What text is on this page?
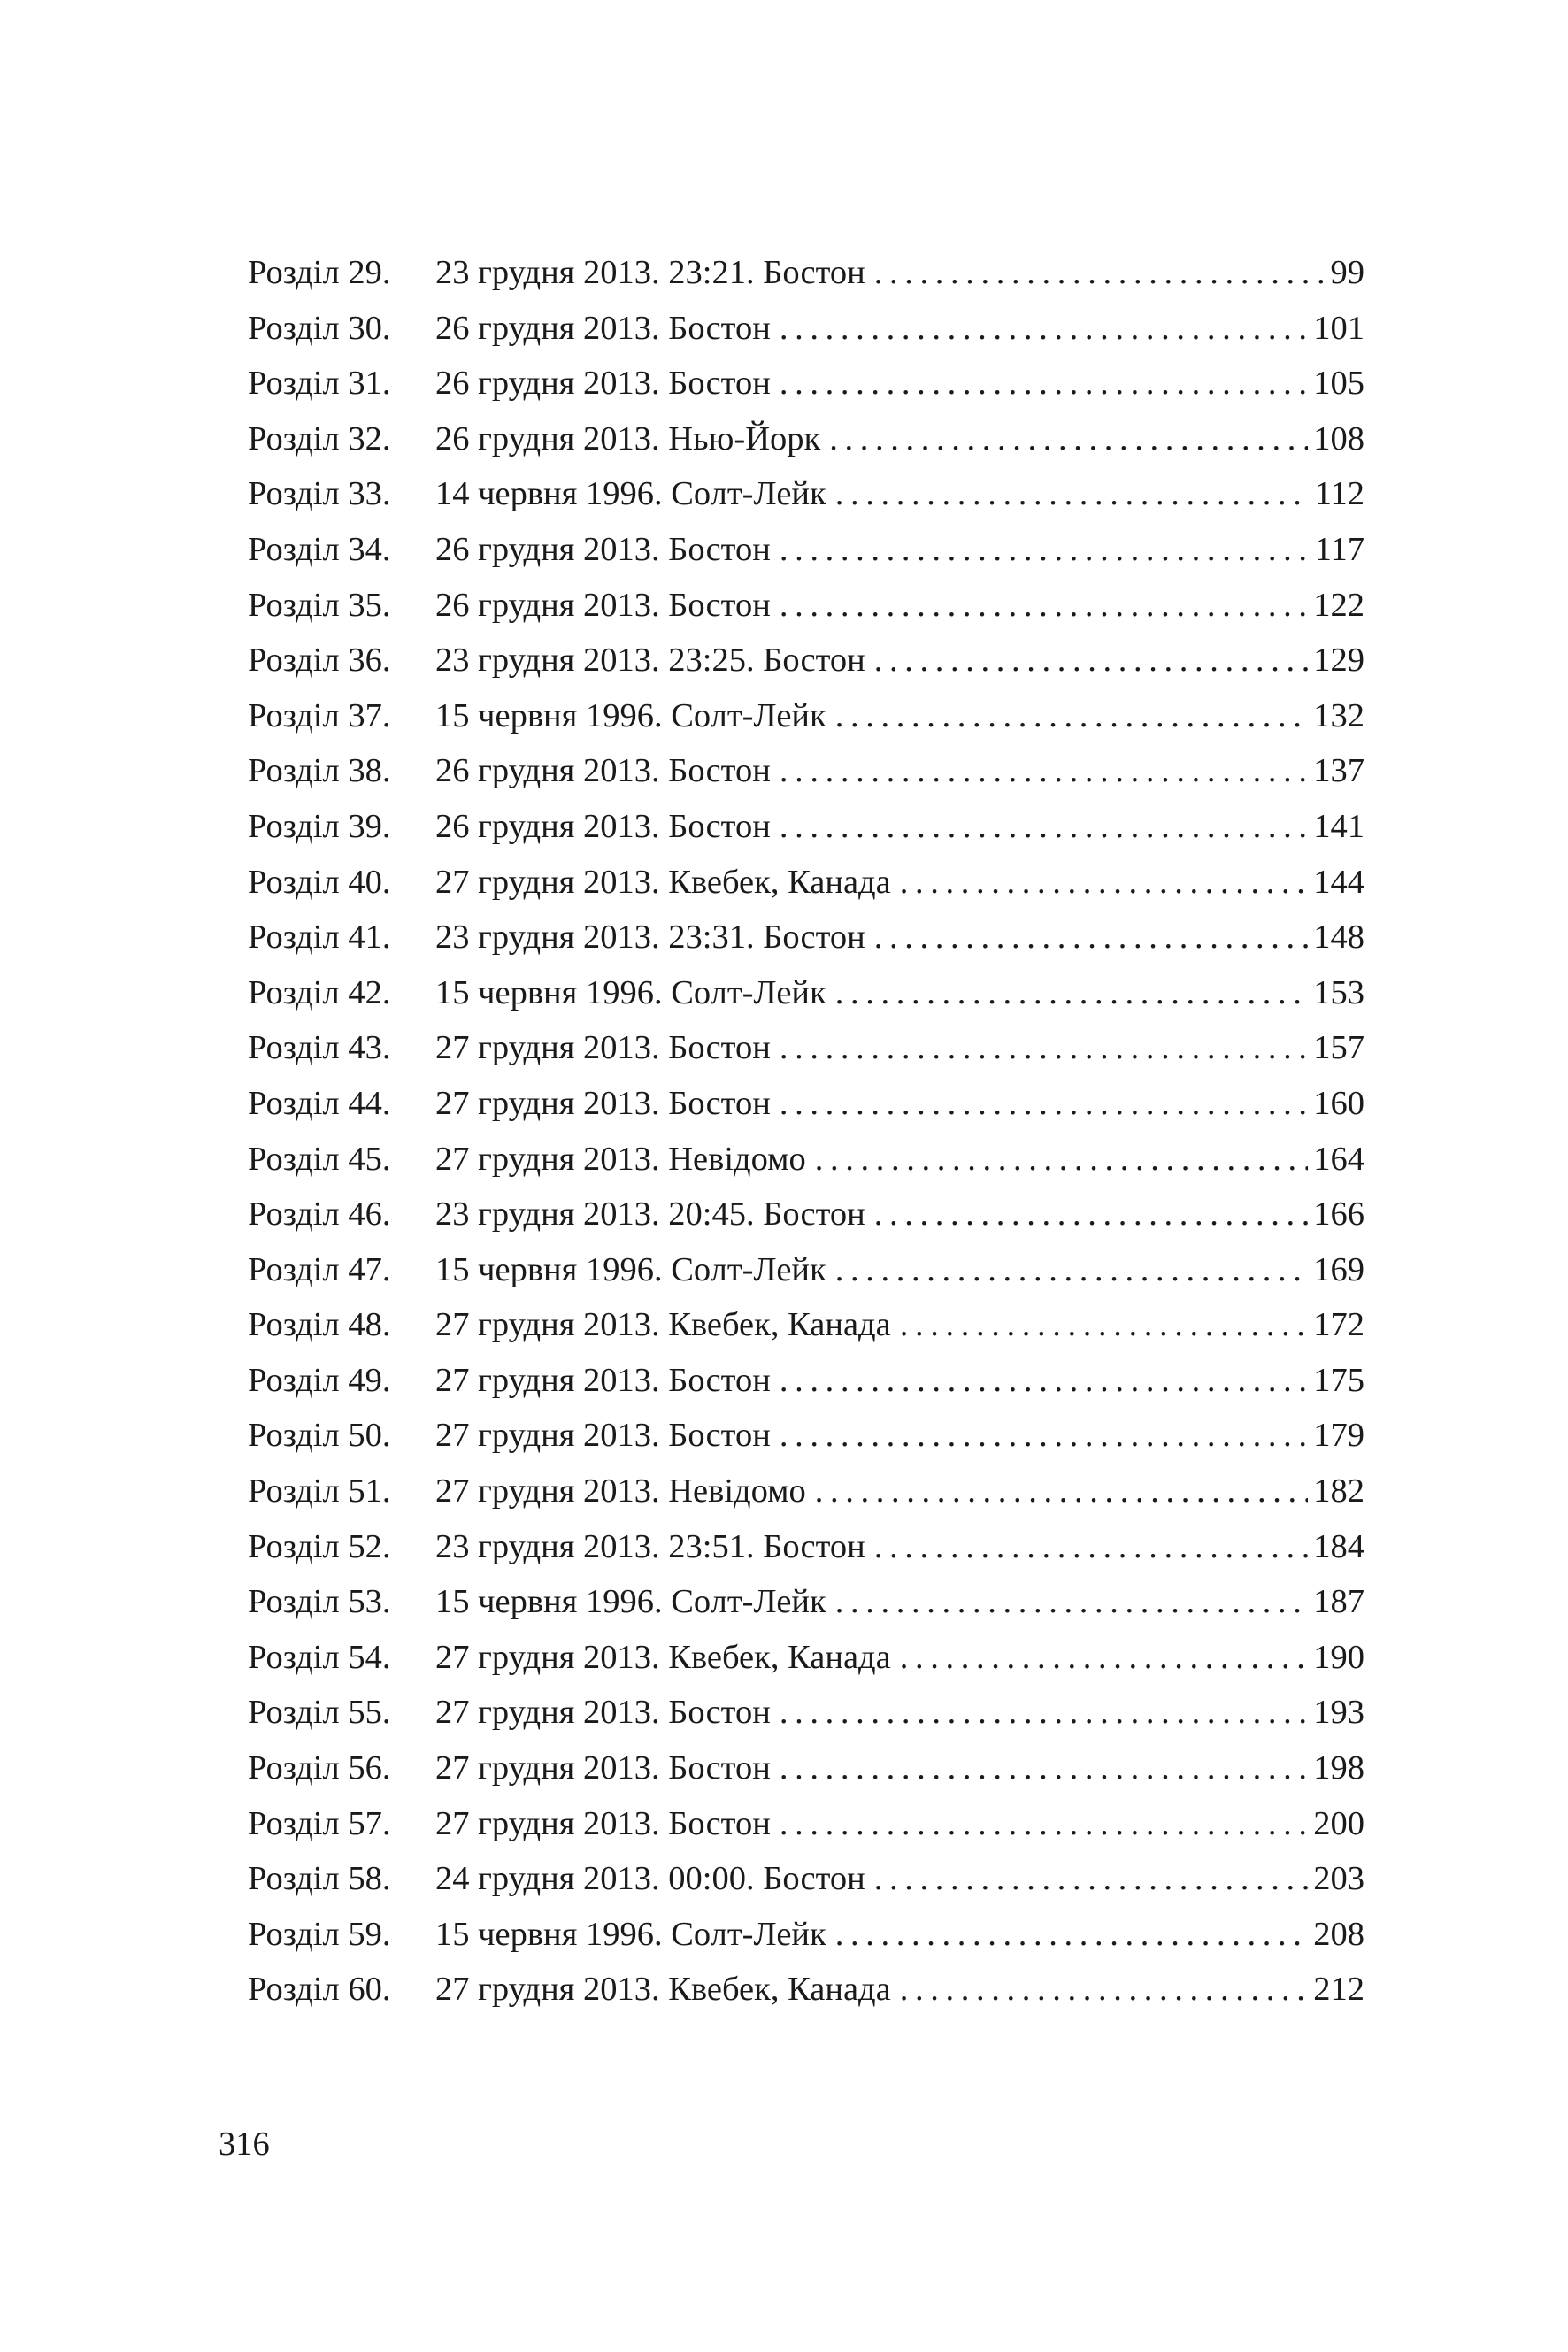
Розділ 29.	23 грудня 2013. 23:21. Бостон . . .	99
Розділ 30.	26 грудня 2013. Бостон . . .	101
Розділ 31.	26 грудня 2013. Бостон . . .	105
Розділ 32.	26 грудня 2013. Нью-Йорк . . .	108
Розділ 33.	14 червня 1996. Солт-Лейк . . .	112
Розділ 34.	26 грудня 2013. Бостон . . .	117
Розділ 35.	26 грудня 2013. Бостон . . .	122
Розділ 36.	23 грудня 2013. 23:25. Бостон . . .	129
Розділ 37.	15 червня 1996. Солт-Лейк . . .	132
Розділ 38.	26 грудня 2013. Бостон . . .	137
Розділ 39.	26 грудня 2013. Бостон . . .	141
Розділ 40.	27 грудня 2013. Квебек, Канада . . .	144
Розділ 41.	23 грудня 2013. 23:31. Бостон . . .	148
Розділ 42.	15 червня 1996. Солт-Лейк . . .	153
Розділ 43.	27 грудня 2013. Бостон . . .	157
Розділ 44.	27 грудня 2013. Бостон . . .	160
Розділ 45.	27 грудня 2013. Невідомо . . .	164
Розділ 46.	23 грудня 2013. 20:45. Бостон . . .	166
Розділ 47.	15 червня 1996. Солт-Лейк . . .	169
Розділ 48.	27 грудня 2013. Квебек, Канада . . .	172
Розділ 49.	27 грудня 2013. Бостон . . .	175
Розділ 50.	27 грудня 2013. Бостон . . .	179
Розділ 51.	27 грудня 2013. Невідомо . . .	182
Розділ 52.	23 грудня 2013. 23:51. Бостон . . .	184
Розділ 53.	15 червня 1996. Солт-Лейк . . .	187
Розділ 54.	27 грудня 2013. Квебек, Канада . . .	190
Розділ 55.	27 грудня 2013. Бостон . . .	193
Розділ 56.	27 грудня 2013. Бостон . . .	198
Розділ 57.	27 грудня 2013. Бостон . . .	200
Розділ 58.	24 грудня 2013. 00:00. Бостон . . .	203
Розділ 59.	15 червня 1996. Солт-Лейк . . .	208
Розділ 60.	27 грудня 2013. Квебек, Канада . . .	212
316
